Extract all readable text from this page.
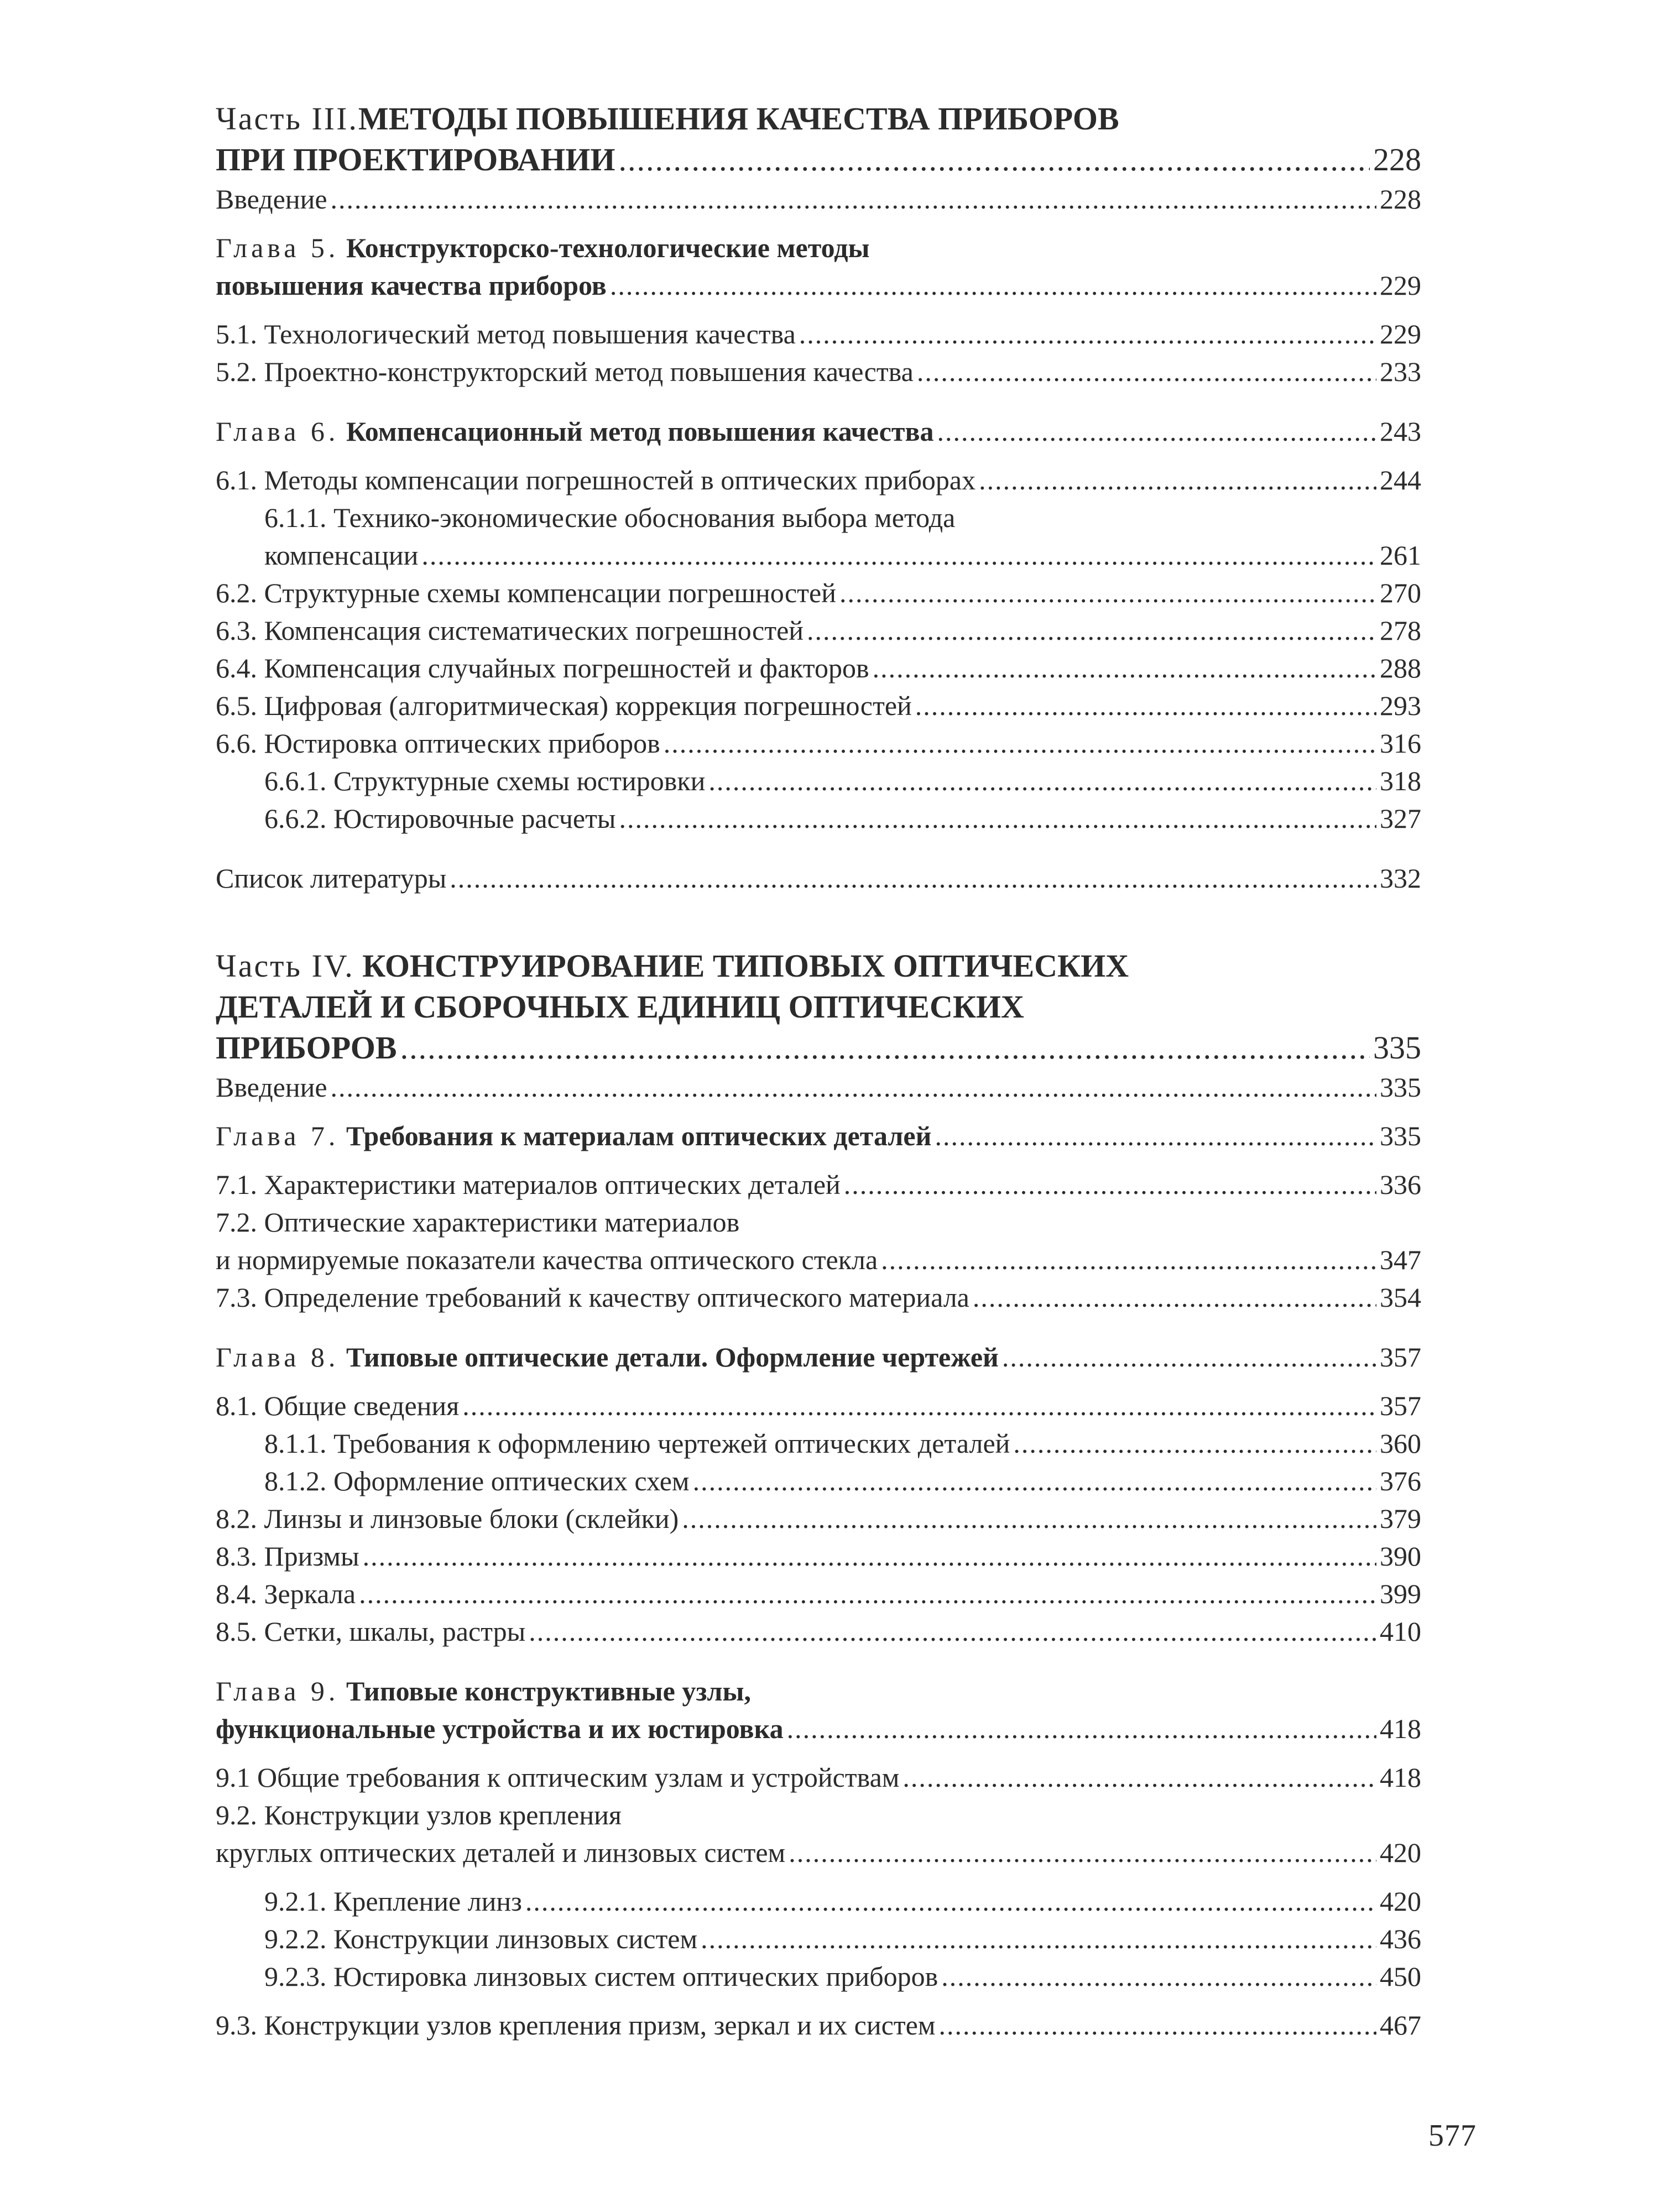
Часть III. МЕТОДЫ ПОВЫШЕНИЯ КАЧЕСТВА ПРИБОРОВ
ПРИ ПРОЕКТИРОВАНИИ .....	228
Введение .....	228
Глава 5.
Конструкторско-технологические методы
повышения качества приборов .....	229
5.1. Технологический метод повышения качества .....	229
5.2. Проектно-конструкторский метод повышения качества .....	233
Глава 6.
Компенсационный метод повышения качества .....	243
6.1. Методы компенсации погрешностей в оптических приборах .....	244
6.1.1. Технико-экономические обоснования выбора метода
компенсации .....	261
6.2. Структурные схемы компенсации погрешностей .....	270
6.3. Компенсация систематических погрешностей .....	278
6.4. Компенсация случайных погрешностей и факторов .....	288
6.5. Цифровая (алгоритмическая) коррекция погрешностей .....	293
6.6. Юстировка оптических приборов .....	316
6.6.1. Структурные схемы юстировки .....	318
6.6.2. Юстировочные расчеты .....	327
Список литературы .....	332
Часть IV.
КОНСТРУИРОВАНИЕ ТИПОВЫХ ОПТИЧЕСКИХ
ДЕТАЛЕЙ И СБОРОЧНЫХ ЕДИНИЦ ОПТИЧЕСКИХ
ПРИБОРОВ .....	335
Введение .....	335
Глава 7.
Требования к материалам оптических деталей .....	335
7.1. Характеристики материалов оптических деталей .....	336
7.2. Оптические характеристики материалов
и нормируемые показатели качества оптического стекла .....	347
7.3. Определение требований к качеству оптического материала .....	354
Глава 8.
Типовые оптические детали. Оформление чертежей .....	357
8.1. Общие сведения .....	357
8.1.1. Требования к оформлению чертежей оптических деталей .....	360
8.1.2. Оформление оптических схем .....	376
8.2. Линзы и линзовые блоки (склейки) .....	379
8.3. Призмы .....	390
8.4. Зеркала .....	399
8.5. Сетки, шкалы, растры .....	410
Глава 9.
Типовые конструктивные узлы,
функциональные устройства и их юстировка .....	418
9.1 Общие требования к оптическим узлам и устройствам .....	418
9.2. Конструкции узлов крепления
круглых оптических деталей и линзовых систем .....	420
9.2.1. Крепление линз .....	420
9.2.2. Конструкции линзовых систем .....	436
9.2.3. Юстировка линзовых систем оптических приборов .....	450
9.3. Конструкции узлов крепления призм, зеркал и их систем .....	467
577
